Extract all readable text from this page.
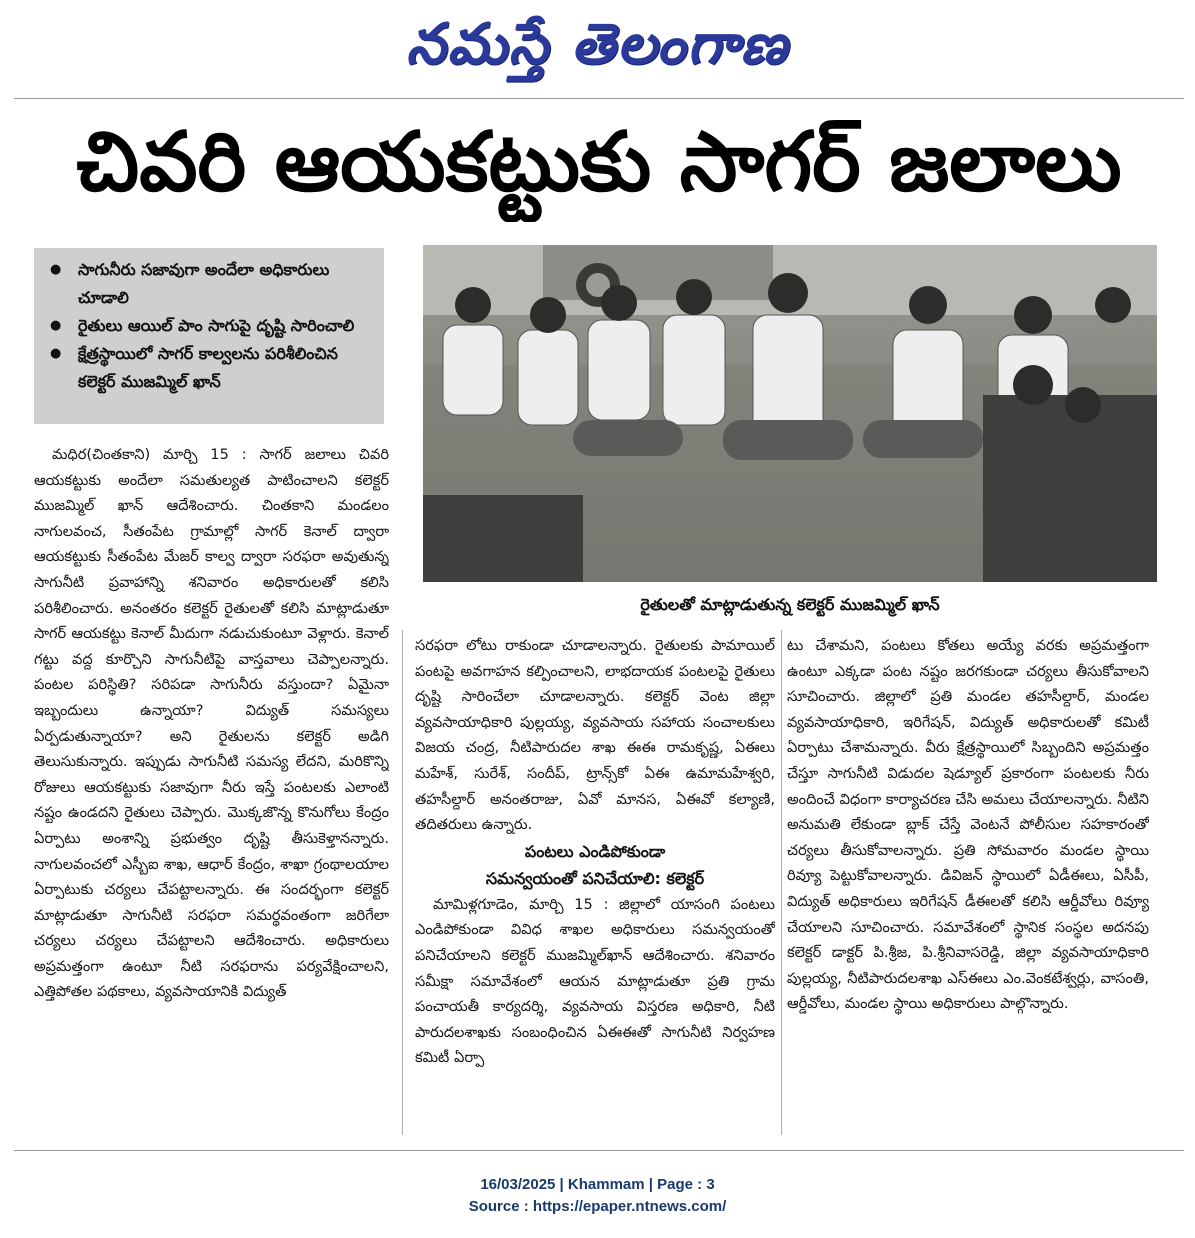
నమస్తే తెలంగాణ
చివరి ఆయకట్టుకు సాగర్ జలాలు
● సాగునీరు సజావుగా అందేలా అధికారులు చూడాలి
● రైతులు ఆయిల్ పాం సాగుపై దృష్టి సారించాలి
● క్షేత్రస్థాయిలో సాగర్ కాల్వలను పరిశీలించిన కలెక్టర్ ముజమ్మిల్ ఖాన్
రైతులతో మాట్లాడుతున్న కలెక్టర్ ముజమ్మిల్ ఖాన్

మధిర(చింతకాని) మార్చి 15 : సాగర్ జలాలు చివరి ఆయకట్టుకు అందేలా సమతుల్యత పాటించాలని కలెక్టర్ ముజమ్మిల్ ఖాన్ ఆదేశించారు. చింతకాని మండలం నాగులవంచ, సీతంపేట గ్రామాల్లో సాగర్ కెనాల్ ద్వారా ఆయకట్టుకు సీతంపేట మేజర్ కాల్వ ద్వారా సరఫరా అవుతున్న సాగునీటి ప్రవాహాన్ని శనివారం అధికారులతో కలిసి పరిశీలించారు. అనంతరం కలెక్టర్ రైతులతో కలిసి మాట్లాడుతూ సాగర్ ఆయకట్టు కెనాల్ మీదుగా నడుచుకుంటూ వెళ్లారు. కెనాల్ గట్టు వద్ద కూర్చొని సాగునీటిపై వాస్తవాలు చెప్పాలన్నారు. పంటల పరిస్థితి? సరిపడా సాగునీరు వస్తుందా? ఏమైనా ఇబ్బందులు ఉన్నాయా? విద్యుత్ సమస్యలు ఏర్పడుతున్నాయా? అని రైతులను కలెక్టర్ అడిగి తెలుసుకున్నారు. ఇప్పుడు సాగునీటి సమస్య లేదని, మరికొన్ని రోజులు ఆయకట్టుకు సజావుగా నీరు ఇస్తే పంటలకు ఎలాంటి నష్టం ఉండదని రైతులు చెప్పారు. మొక్కజొన్న కొనుగోలు కేంద్రం ఏర్పాటు అంశాన్ని ప్రభుత్వం దృష్టి తీసుకెళ్తానన్నారు. నాగులవంచలో ఎస్బీఐ శాఖ, ఆధార్ కేంద్రం, శాఖా గ్రంథాలయాల ఏర్పాటుకు చర్యలు చేపట్టాలన్నారు. ఈ సందర్భంగా కలెక్టర్ మాట్లాడుతూ సాగునీటి సరఫరా సమర్థవంతంగా జరిగేలా చర్యలు చర్యలు చేపట్టాలని ఆదేశించారు. అధికారులు అప్రమత్తంగా ఉంటూ నీటి సరఫరాను పర్యవేక్షించాలని, ఎత్తిపోతల పథకాలు, వ్యవసాయానికి విద్యుత్

సరఫరా లోటు రాకుండా చూడాలన్నారు. రైతులకు పామాయిల్ పంటపై అవగాహన కల్పించాలని, లాభదాయక పంటలపై రైతులు దృష్టి సారించేలా చూడాలన్నారు. కలెక్టర్ వెంట జిల్లా వ్యవసాయాధికారి పుల్లయ్య, వ్యవసాయ సహాయ సంచాలకులు విజయ చంద్ర, నీటిపారుదల శాఖ ఈఈ రామకృష్ణ, ఏఈలు మహేశ్, సురేశ్, సందీప్, ట్రాన్స్‌కో ఏఈ ఉమామహేశ్వరి, తహసీల్దార్ అనంతరాజు, ఏవో మానస, ఏఈవో కల్యాణి, తదితరులు ఉన్నారు.

పంటలు ఎండిపోకుండా
సమన్వయంతో పనిచేయాలి: కలెక్టర్

మామిళ్లగూడెం, మార్చి 15 : జిల్లాలో యాసంగి పంటలు ఎండిపోకుండా వివిధ శాఖల అధికారులు సమన్వయంతో పనిచేయాలని కలెక్టర్ ముజమ్మిల్‌ఖాన్ ఆదేశించారు. శనివారం సమీక్షా సమావేశంలో ఆయన మాట్లాడుతూ ప్రతి గ్రామ పంచాయతీ కార్యదర్శి, వ్యవసాయ విస్తరణ అధికారి, నీటి పారుదలశాఖకు సంబంధించిన ఏఈఈతో సాగునీటి నిర్వహణ కమిటీ ఏర్పా

టు చేశామని, పంటలు కోతలు అయ్యే వరకు అప్రమత్తంగా ఉంటూ ఎక్కడా పంట నష్టం జరగకుండా చర్యలు తీసుకోవాలని సూచించారు. జిల్లాలో ప్రతి మండల తహసీల్దార్, మండల వ్యవసాయాధికారి, ఇరిగేషన్, విద్యుత్ అధికారులతో కమిటీ ఏర్పాటు చేశామన్నారు. వీరు క్షేత్రస్థాయిలో సిబ్బందిని అప్రమత్తం చేస్తూ సాగునీటి విడుదల షెడ్యూల్ ప్రకారంగా పంటలకు నీరు అందించే విధంగా కార్యాచరణ చేసి అమలు చేయాలన్నారు. నీటిని అనుమతి లేకుండా బ్లాక్ చేస్తే వెంటనే పోలీసుల సహకారంతో చర్యలు తీసుకోవాలన్నారు. ప్రతి సోమవారం మండల స్థాయి రివ్యూ పెట్టుకోవాలన్నారు. డివిజన్ స్థాయిలో ఏడీఈలు, ఏసీపీ, విద్యుత్ అధికారులు ఇరిగేషన్ డీఈలతో కలిసి ఆర్డీవోలు రివ్యూ చేయాలని సూచించారు. సమావేశంలో స్థానిక సంస్థల అదనపు కలెక్టర్ డాక్టర్ పి.శ్రీజ, పి.శ్రీనివాసరెడ్డి, జిల్లా వ్యవసాయాధికారి పుల్లయ్య, నీటిపారుదలశాఖ ఎస్ఈలు ఎం.వెంకటేశ్వర్లు, వాసంతి, ఆర్డీవోలు, మండల స్థాయి అధికారులు పాల్గొన్నారు.

16/03/2025 | Khammam | Page : 3
Source : https://epaper.ntnews.com/
